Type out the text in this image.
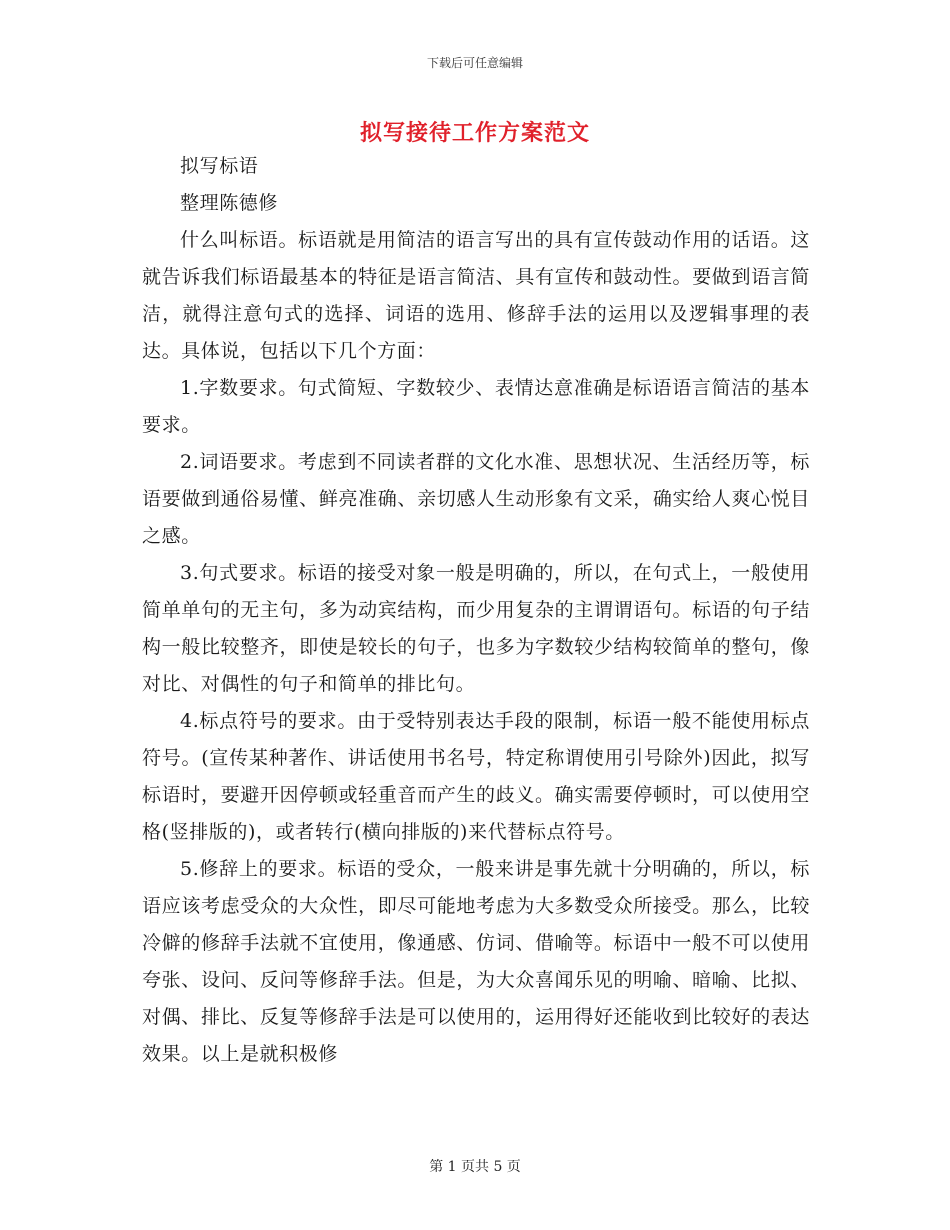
下载后可任意编辑
拟写接待工作方案范文

拟写标语

整理陈德修

什么叫标语。标语就是用简洁的语言写出的具有宣传鼓动作用的话语。这就告诉我们标语最基本的特征是语言简洁、具有宣传和鼓动性。要做到语言简洁，就得注意句式的选择、词语的选用、修辞手法的运用以及逻辑事理的表达。具体说，包括以下几个方面：

1.字数要求。句式简短、字数较少、表情达意准确是标语语言简洁的基本要求。

2.词语要求。考虑到不同读者群的文化水准、思想状况、生活经历等，标语要做到通俗易懂、鲜亮准确、亲切感人生动形象有文采，确实给人爽心悦目之感。

3.句式要求。标语的接受对象一般是明确的，所以，在句式上，一般使用简单单句的无主句，多为动宾结构，而少用复杂的主谓谓语句。标语的句子结构一般比较整齐，即使是较长的句子，也多为字数较少结构较简单的整句，像对比、对偶性的句子和简单的排比句。

4.标点符号的要求。由于受特别表达手段的限制，标语一般不能使用标点符号。(宣传某种著作、讲话使用书名号，特定称谓使用引号除外)因此，拟写标语时，要避开因停顿或轻重音而产生的歧义。确实需要停顿时，可以使用空格(竖排版的)，或者转行(横向排版的)来代替标点符号。

5.修辞上的要求。标语的受众，一般来讲是事先就十分明确的，所以，标语应该考虑受众的大众性，即尽可能地考虑为大多数受众所接受。那么，比较冷僻的修辞手法就不宜使用，像通感、仿词、借喻等。标语中一般不可以使用夸张、设问、反问等修辞手法。但是，为大众喜闻乐见的明喻、暗喻、比拟、对偶、排比、反复等修辞手法是可以使用的，运用得好还能收到比较好的表达效果。以上是就积极修

第 1 页共 5 页
